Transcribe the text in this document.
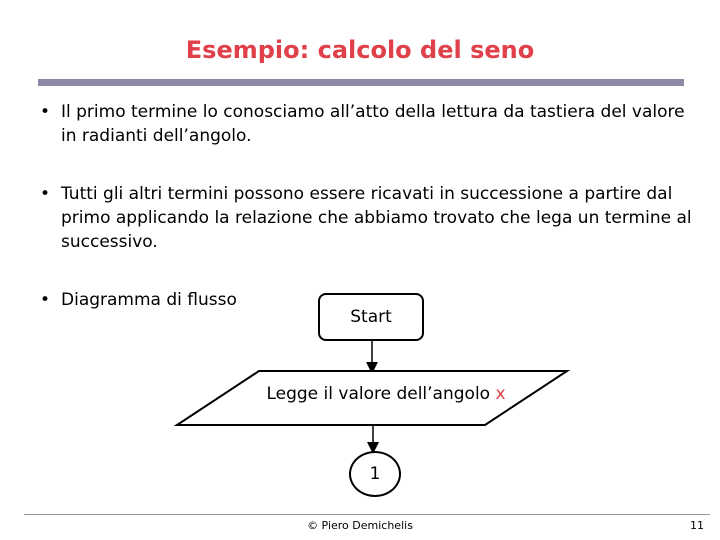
Esempio: calcolo del seno
• Il primo termine lo conosciamo all’atto della lettura da tastiera del valore in radianti dell’angolo.
• Tutti gli altri termini possono essere ricavati in successione a partire dal primo applicando la relazione che abbiamo trovato che lega un termine al successivo.
• Diagramma di flusso
Start
Legge il valore dell’angolo x
1
© Piero Demichelis	11
